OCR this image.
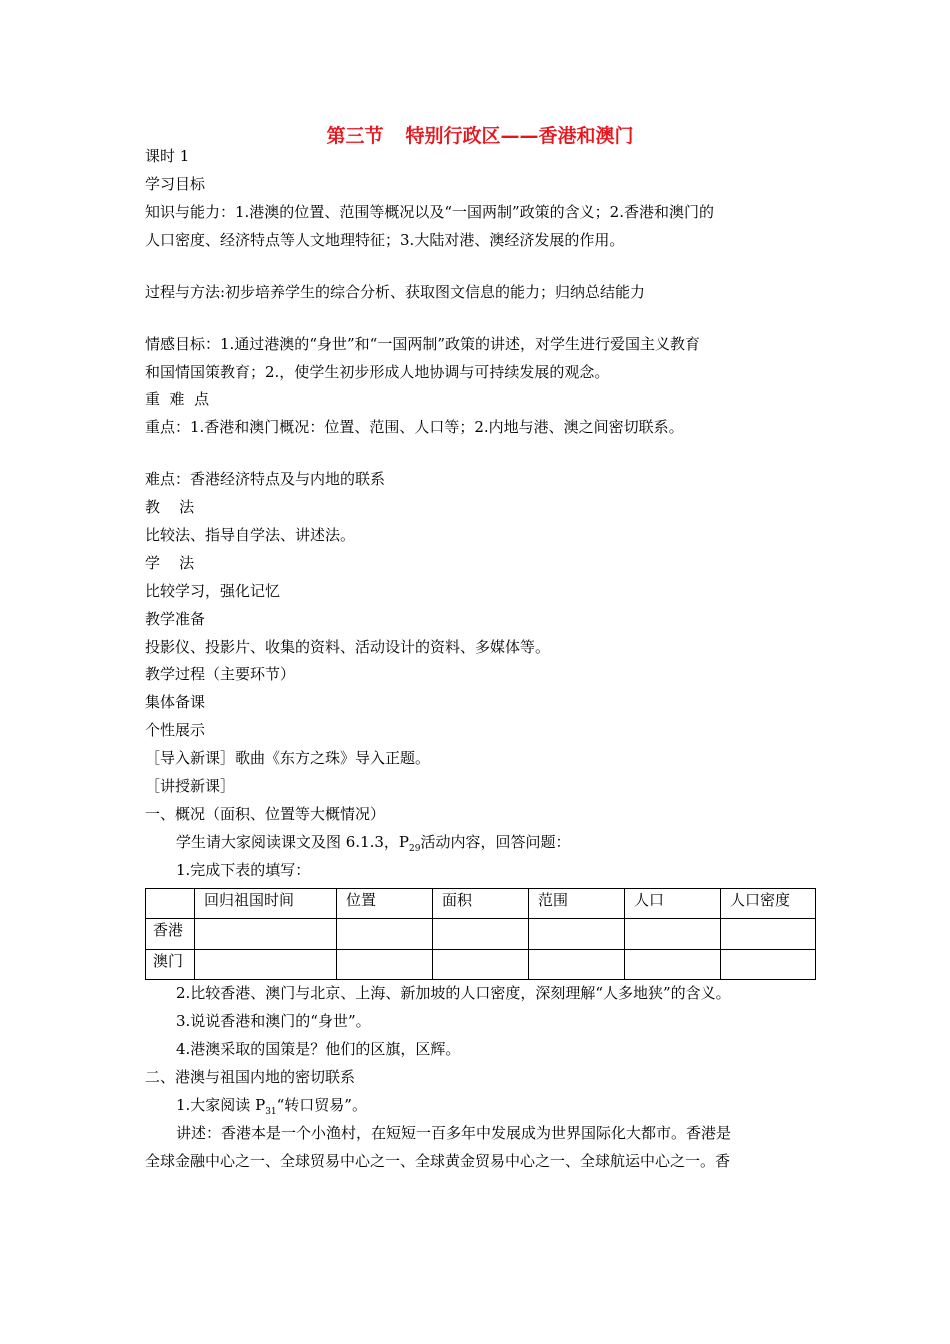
第三节 特别行政区——香港和澳门
课时 1
学习目标
知识与能力：1.港澳的位置、范围等概况以及“一国两制”政策的含义；2.香港和澳门的
人口密度、经济特点等人文地理特征；3.大陆对港、澳经济发展的作用。
过程与方法:初步培养学生的综合分析、获取图文信息的能力；归纳总结能力
情感目标：1.通过港澳的“身世”和“一国两制”政策的讲述，对学生进行爱国主义教育
和国情国策教育；2.，使学生初步形成人地协调与可持续发展的观念。
重  难  点
重点：1.香港和澳门概况：位置、范围、人口等；2.内地与港、澳之间密切联系。
难点：香港经济特点及与内地的联系
教    法
比较法、指导自学法、讲述法。
学    法
比较学习，强化记忆
教学准备
投影仪、投影片、收集的资料、活动设计的资料、多媒体等。
教学过程（主要环节）
集体备课
个性展示
［导入新课］歌曲《东方之珠》导入正题。
［讲授新课］
一、概况（面积、位置等大概情况）
学生请大家阅读课文及图 6.1.3，$P_{29}$活动内容，回答问题：
1.完成下表的填写：
	回归祖国时间	位置	面积	范围	人口	人口密度
香港						
澳门						
2.比较香港、澳门与北京、上海、新加坡的人口密度，深刻理解“人多地狭”的含义。
3.说说香港和澳门的“身世”。
4.港澳采取的国策是？他们的区旗，区辉。
二、港澳与祖国内地的密切联系
1.大家阅读 $P_{31}“$转口贸易”。
讲述：香港本是一个小渔村，在短短一百多年中发展成为世界国际化大都市。香港是
全球金融中心之一、全球贸易中心之一、全球黄金贸易中心之一、全球航运中心之一。香
